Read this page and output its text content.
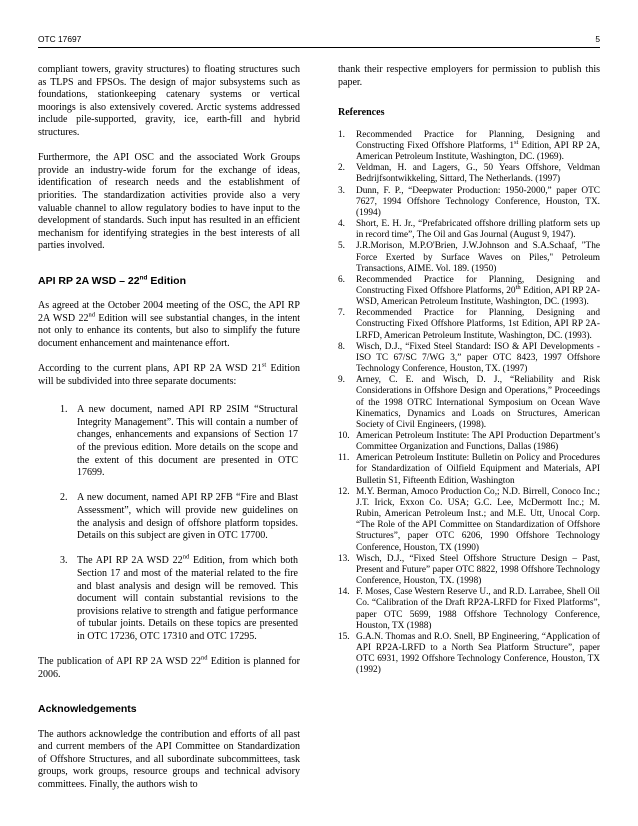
OTC 17697	5

compliant towers, gravity structures) to floating structures such as TLPS and FPSOs. The design of major subsystems such as foundations, stationkeeping catenary systems or vertical moorings is also extensively covered. Arctic systems addressed include pile-supported, gravity, ice, earth-fill and hybrid structures.

Furthermore, the API OSC and the associated Work Groups provide an industry-wide forum for the exchange of ideas, identification of research needs and the establishment of priorities. The standardization activities provide also a very valuable channel to allow regulatory bodies to have input to the development of standards. Such input has resulted in an efficient mechanism for identifying strategies in the best interests of all parties involved.

API RP 2A WSD – 22nd Edition

As agreed at the October 2004 meeting of the OSC, the API RP 2A WSD 22nd Edition will see substantial changes, in the intent not only to enhance its contents, but also to simplify the future document enhancement and maintenance effort.

According to the current plans, API RP 2A WSD 21st Edition will be subdivided into three separate documents:

1. A new document, named API RP 2SIM “Structural Integrity Management”. This will contain a number of changes, enhancements and expansions of Section 17 of the previous edition. More details on the scope and the extent of this document are presented in OTC 17699.
2. A new document, named API RP 2FB “Fire and Blast Assessment”, which will provide new guidelines on the analysis and design of offshore platform topsides. Details on this subject are given in OTC 17700.
3. The API RP 2A WSD 22nd Edition, from which both Section 17 and most of the material related to the fire and blast analysis and design will be removed. This document will contain substantial revisions to the provisions relative to strength and fatigue performance of tubular joints. Details on these topics are presented in OTC 17236, OTC 17310 and OTC 17295.

The publication of API RP 2A WSD 22nd Edition is planned for 2006.

Acknowledgements

The authors acknowledge the contribution and efforts of all past and current members of the API Committee on Standardization of Offshore Structures, and all subordinate subcommittees, task groups, work groups, resource groups and technical advisory committees. Finally, the authors wish to

thank their respective employers for permission to publish this paper.

References
1. Recommended Practice for Planning, Designing and Constructing Fixed Offshore Platforms, 1st Edition, API RP 2A, American Petroleum Institute, Washington, DC. (1969).
2. Veldman, H. and Lagers, G., 50 Years Offshore, Veldman Bedrijfsontwikkeling, Sittard, The Netherlands. (1997)
3. Dunn, F. P., “Deepwater Production: 1950-2000,” paper OTC 7627, 1994 Offshore Technology Conference, Houston, TX. (1994)
4. Short, E. H. Jr., “Prefabricated offshore drilling platform sets up in record time”, The Oil and Gas Journal (August 9, 1947).
5. J.R.Morison, M.P.O'Brien, J.W.Johnson and S.A.Schaaf, "The Force Exerted by Surface Waves on Piles," Petroleum Transactions, AIME. Vol. 189. (1950)
6. Recommended Practice for Planning, Designing and Constructing Fixed Offshore Platforms, 20th Edition, API RP 2A-WSD, American Petroleum Institute, Washington, DC. (1993).
7. Recommended Practice for Planning, Designing and Constructing Fixed Offshore Platforms, 1st Edition, API RP 2A-LRFD, American Petroleum Institute, Washington, DC. (1993).
8. Wisch, D.J., “Fixed Steel Standard: ISO & API Developments - ISO TC 67/SC 7/WG 3,” paper OTC 8423, 1997 Offshore Technology Conference, Houston, TX. (1997)
9. Arney, C. E. and Wisch, D. J., “Reliability and Risk Considerations in Offshore Design and Operations,” Proceedings of the 1998 OTRC International Symposium on Ocean Wave Kinematics, Dynamics and Loads on Structures, American Society of Civil Engineers, (1998).
10. American Petroleum Institute: The API Production Department’s Committee Organization and Functions, Dallas (1986)
11. American Petroleum Institute: Bulletin on Policy and Procedures for Standardization of Oilfield Equipment and Materials, API Bulletin S1, Fifteenth Edition, Washington
12. M.Y. Berman, Amoco Production Co,; N.D. Birrell, Conoco Inc.; J.T. Irick, Exxon Co. USA; G.C. Lee, McDermott Inc.; M. Rubin, American Petroleum Inst.; and M.E. Utt, Unocal Corp. “The Role of the API Committee on Standardization of Offshore Structures”, paper OTC 6206, 1990 Offshore Technology Conference, Houston, TX (1990)
13. Wisch, D.J., “Fixed Steel Offshore Structure Design – Past, Present and Future” paper OTC 8822, 1998 Offshore Technology Conference, Houston, TX. (1998)
14. F. Moses, Case Western Reserve U., and R.D. Larrabee, Shell Oil Co. “Calibration of the Draft RP2A-LRFD for Fixed Platforms”, paper OTC 5699, 1988 Offshore Technology Conference, Houston, TX (1988)
15. G.A.N. Thomas and R.O. Snell, BP Engineering, “Application of API RP2A-LRFD to a North Sea Platform Structure”, paper OTC 6931, 1992 Offshore Technology Conference, Houston, TX (1992)
